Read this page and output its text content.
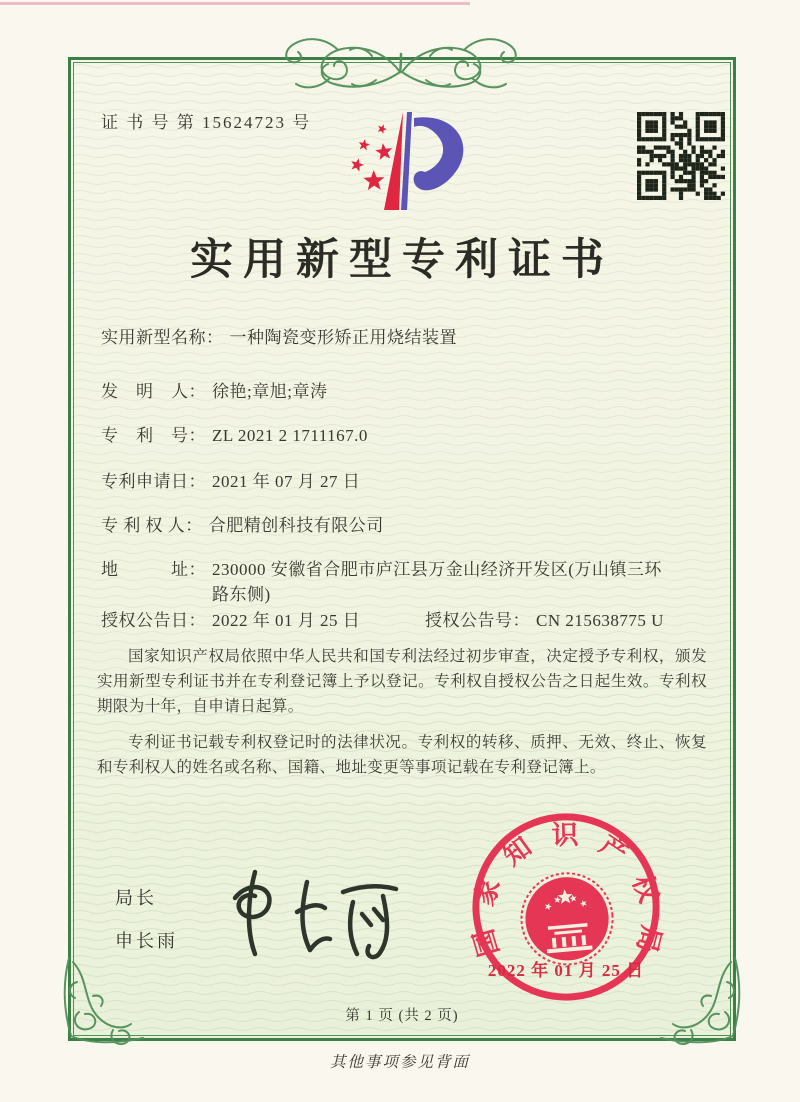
证 书 号 第 15624723 号
实用新型专利证书
实用新型名称： 一种陶瓷变形矫正用烧结装置
发　明　人： 徐艳;章旭;章涛
专　利　号： ZL 2021 2 1711167.0
专利申请日： 2021 年 07 月 27 日
专 利 权 人： 合肥精创科技有限公司
地　　　址： 230000 安徽省合肥市庐江县万金山经济开发区(万山镇三环路东侧)
授权公告日： 2022 年 01 月 25 日	授权公告号： CN 215638775 U

国家知识产权局依照中华人民共和国专利法经过初步审查，决定授予专利权，颁发实用新型专利证书并在专利登记簿上予以登记。专利权自授权公告之日起生效。专利权期限为十年，自申请日起算。

专利证书记载专利权登记时的法律状况。专利权的转移、质押、无效、终止、恢复和专利权人的姓名或名称、国籍、地址变更等事项记载在专利登记簿上。

局长
申长雨	国家知识产权局
2022 年 01 月 25 日
第 1 页 (共 2 页)
其他事项参见背面
